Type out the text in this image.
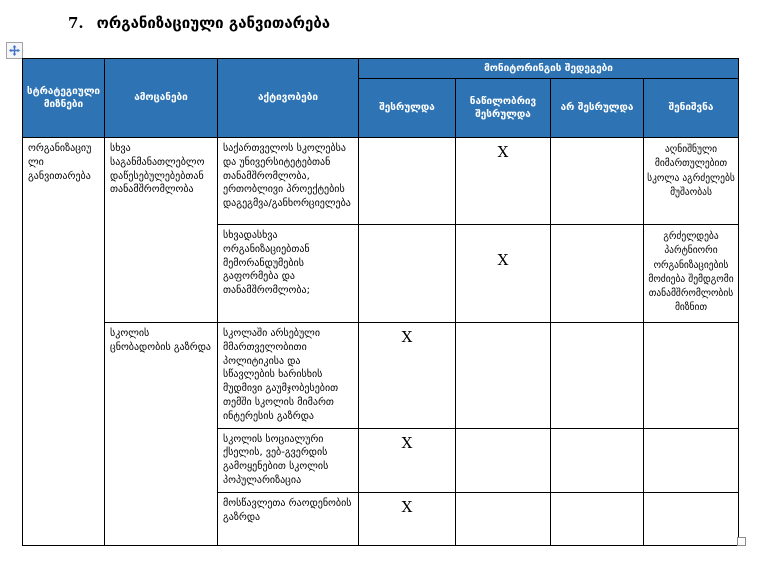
7. ორგანიზაციული განვითარება
სტრატეგიული მიზნები	ამოცანები	აქტივობები	მონიტორინგის შედეგები			
			შესრულდა	ნაწილობრივ შესრულდა	არ შესრულდა	შენიშვნა
ორგანიზაციული განვითარება	სხვა საგანმანათლებლო დაწესებულებებთან თანამშრომლობა	საქართველოს სკოლებსა და უნივერსიტეტებთან თანამშრომლობა, ერთობლივი პროექტების დაგეგმვა/განხორციელება		X		აღნიშნული მიმართულებით სკოლა აგრძელებს მუშაობას
		სხვადასხვა ორგანიზაციებთან მემორანდუმების გაფორმება და თანამშრომლობა;		X		გრძელდება პარტნიორი ორგანიზაციების მოძიება შემდგომი თანამშრომლობის მიზნით
	სკოლის ცნობადობის გაზრდა	სკოლაში არსებული მმართველობითი პოლიტიკისა და სწავლების ხარისხის მუდმივი გაუმჯობესებით თემში სკოლის მიმართ ინტერესის გაზრდა	X			
		სკოლის სოციალური ქსელის, ვებ-გვერდის გამოყენებით სკოლის პოპულარიზაცია	X			
		მოსწავლეთა რაოდენობის გაზრდა	X			
